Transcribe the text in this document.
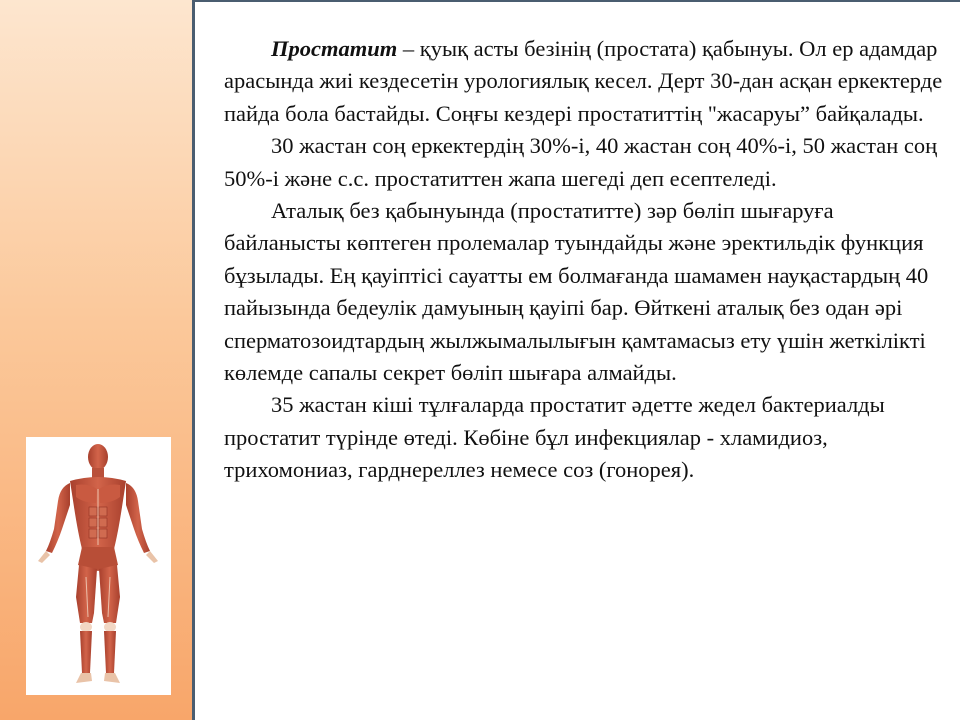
Простатит – қуық асты безінің (простата) қабынуы. Ол ер адамдар арасында жиі кездесетін урологиялық кесел. Дерт 30-дан асқан еркектерде пайда бола бастайды. Соңғы кездері простатиттің "жасаруы” байқалады.

30 жастан соң еркектердің 30%-і, 40 жастан соң 40%-і, 50 жастан соң 50%-і және с.с. простатиттен жапа шегеді деп есептеледі.

Аталық без қабынуында (простатитте) зәр бөліп шығаруға байланысты көптеген пролемалар туындайды және эректильдік функция бұзылады. Ең қауіптісі сауатты ем болмағанда шамамен науқастардың 40 пайызында бедеулік дамуының қауіпі бар. Өйткені аталық без одан әрі сперматозоидтардың жылжымалылығын қамтамасыз ету үшін жеткілікті көлемде сапалы секрет бөліп шығара алмайды.

35 жастан кіші тұлғаларда простатит әдетте жедел бактериалды простатит түрінде өтеді. Көбіне бұл инфекциялар - хламидиоз, трихомониаз, гарднереллез немесе соз (гонорея).
